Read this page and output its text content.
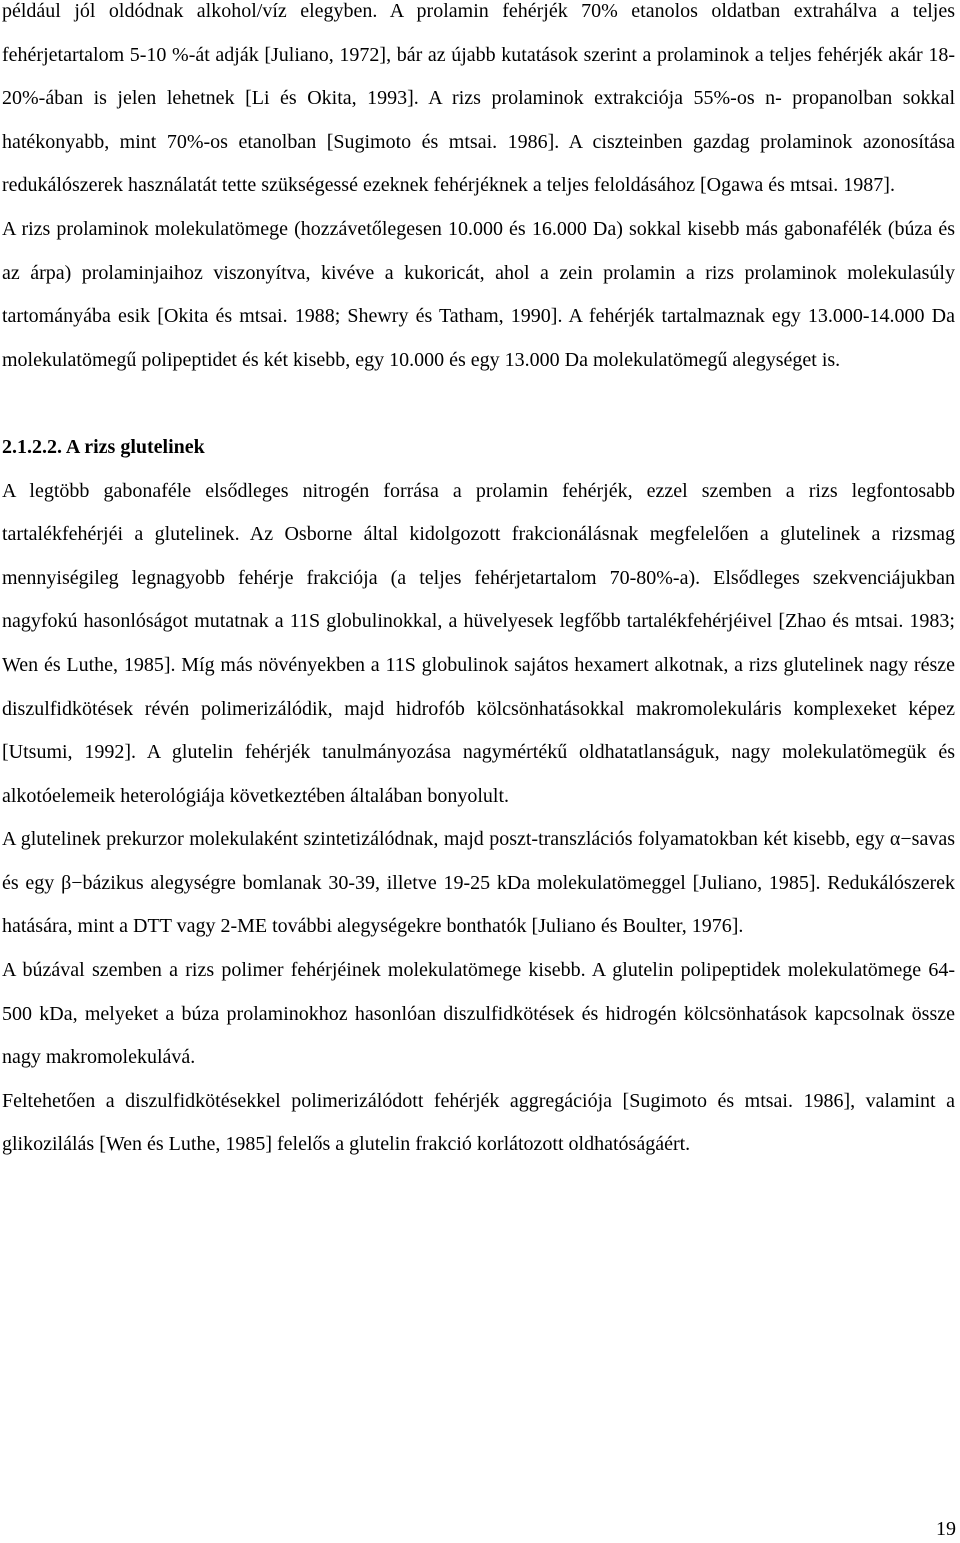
például jól oldódnak alkohol/víz elegyben. A prolamin fehérjék 70% etanolos oldatban extrahálva a teljes fehérjetartalom 5-10 %-át adják [Juliano, 1972], bár az újabb kutatások szerint a prolaminok a teljes fehérjék akár 18-20%-ában is jelen lehetnek [Li és Okita, 1993]. A rizs prolaminok extrakciója 55%-os n- propanolban sokkal hatékonyabb, mint 70%-os etanolban [Sugimoto és mtsai. 1986]. A ciszteinben gazdag prolaminok azonosítása redukálószerek használatát tette szükségessé ezeknek fehérjéknek a teljes feloldásához [Ogawa és mtsai. 1987].

A rizs prolaminok molekulatömege (hozzávetőlegesen 10.000 és 16.000 Da) sokkal kisebb más gabonafélék (búza és az árpa) prolaminjaihoz viszonyítva, kivéve a kukoricát, ahol a zein prolamin a rizs prolaminok molekulasúly tartományába esik [Okita és mtsai. 1988; Shewry és Tatham, 1990]. A fehérjék tartalmaznak egy 13.000-14.000 Da molekulatömegű polipeptidet és két kisebb, egy 10.000 és egy 13.000 Da molekulatömegű alegységet is.

2.1.2.2. A rizs glutelinek

A legtöbb gabonaféle elsődleges nitrogén forrása a prolamin fehérjék, ezzel szemben a rizs legfontosabb tartalékfehérjéi a glutelinek. Az Osborne által kidolgozott frakcionálásnak megfelelően a glutelinek a rizsmag mennyiségileg legnagyobb fehérje frakciója (a teljes fehérjetartalom 70-80%-a). Elsődleges szekvenciájukban nagyfokú hasonlóságot mutatnak a 11S globulinokkal, a hüvelyesek legfőbb tartalékfehérjéivel [Zhao és mtsai. 1983; Wen és Luthe, 1985]. Míg más növényekben a 11S globulinok sajátos hexamert alkotnak, a rizs glutelinek nagy része diszulfidkötések révén polimerizálódik, majd hidrofób kölcsönhatásokkal makromolekuláris komplexeket képez [Utsumi, 1992]. A glutelin fehérjék tanulmányozása nagymértékű oldhatatlanságuk, nagy molekulatömegük és alkotóelemeik heterológiája következtében általában bonyolult.

A glutelinek prekurzor molekulaként szintetizálódnak, majd poszt-transzlációs folyamatokban két kisebb, egy α−savas és egy β−bázikus alegységre bomlanak 30-39, illetve 19-25 kDa molekulatömeggel [Juliano, 1985]. Redukálószerek hatására, mint a DTT vagy 2-ME további alegységekre bonthatók [Juliano és Boulter, 1976].

A búzával szemben a rizs polimer fehérjéinek molekulatömege kisebb. A glutelin polipeptidek molekulatömege 64-500 kDa, melyeket a búza prolaminokhoz hasonlóan diszulfidkötések és hidrogén kölcsönhatások kapcsolnak össze nagy makromolekulává.

Feltehetően a diszulfidkötésekkel polimerizálódott fehérjék aggregációja [Sugimoto és mtsai. 1986], valamint a glikozilálás [Wen és Luthe, 1985] felelős a glutelin frakció korlátozott oldhatóságáért.

19
